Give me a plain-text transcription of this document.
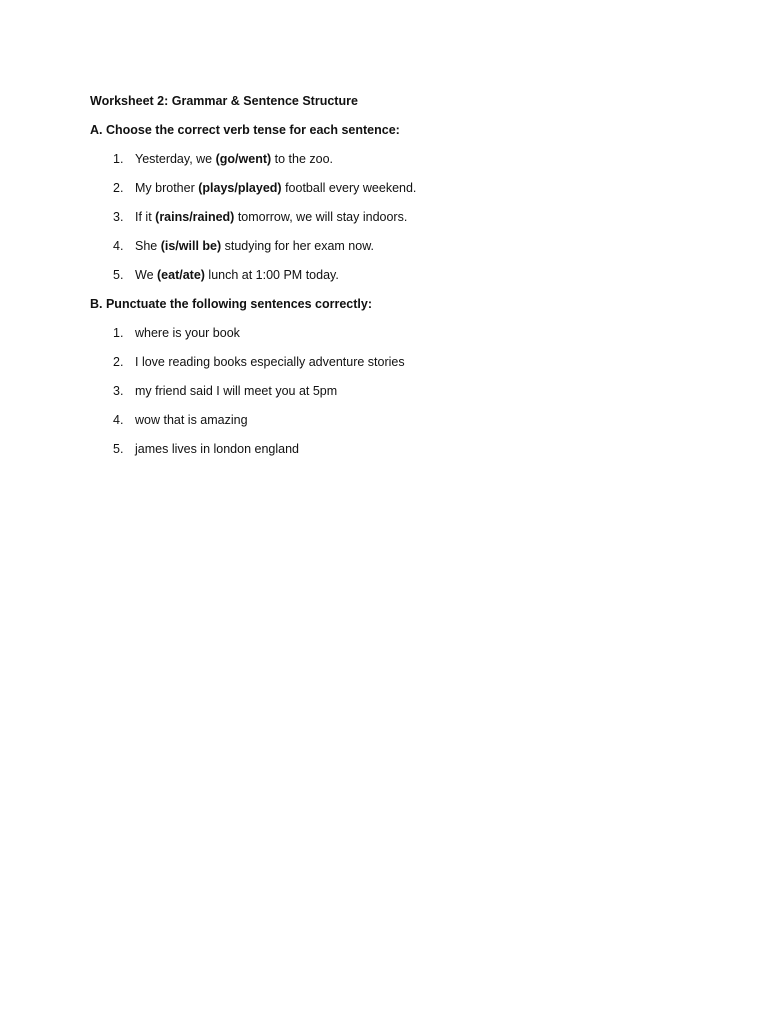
Worksheet 2: Grammar & Sentence Structure
A. Choose the correct verb tense for each sentence:
1. Yesterday, we (go/went) to the zoo.
2. My brother (plays/played) football every weekend.
3. If it (rains/rained) tomorrow, we will stay indoors.
4. She (is/will be) studying for her exam now.
5. We (eat/ate) lunch at 1:00 PM today.
B. Punctuate the following sentences correctly:
1. where is your book
2. I love reading books especially adventure stories
3. my friend said I will meet you at 5pm
4. wow that is amazing
5. james lives in london england
